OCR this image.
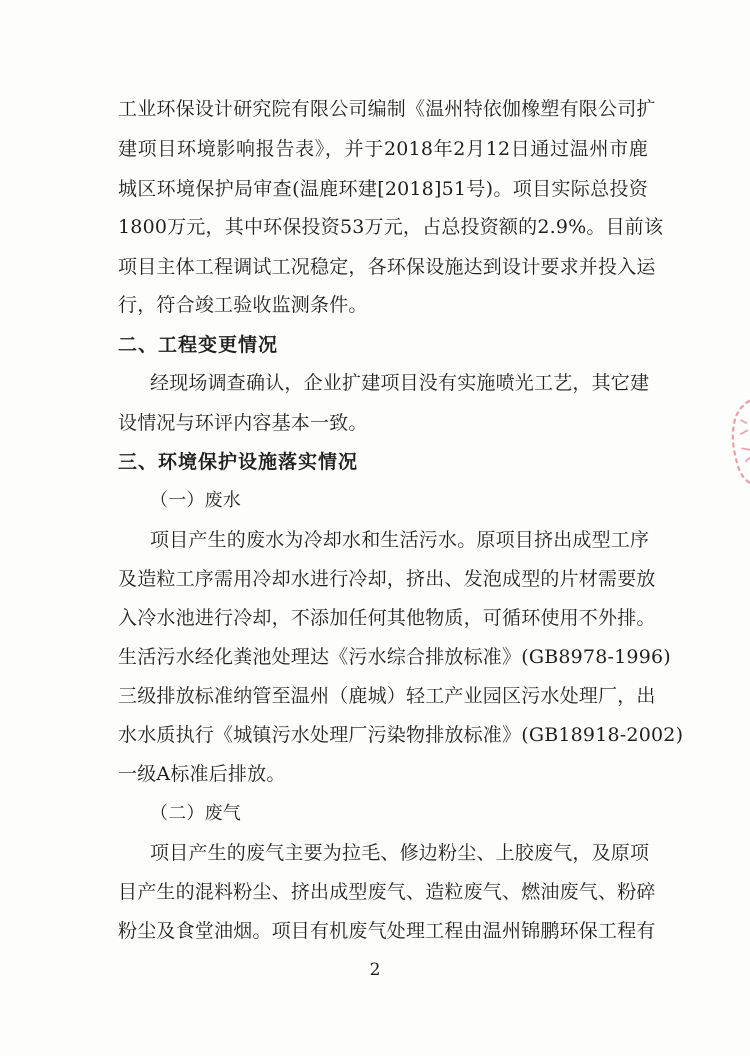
工业环保设计研究院有限公司编制《温州特依伽橡塑有限公司扩
建项目环境影响报告表》，并于2018年2月12日通过温州市鹿
城区环境保护局审查(温鹿环建[2018]51号)。项目实际总投资
1800万元，其中环保投资53万元，占总投资额的2.9%。目前该
项目主体工程调试工况稳定，各环保设施达到设计要求并投入运
行，符合竣工验收监测条件。
二、工程变更情况
经现场调查确认，企业扩建项目没有实施喷光工艺，其它建
设情况与环评内容基本一致。
三、环境保护设施落实情况
（一）废水
项目产生的废水为冷却水和生活污水。原项目挤出成型工序
及造粒工序需用冷却水进行冷却，挤出、发泡成型的片材需要放
入冷水池进行冷却，不添加任何其他物质，可循环使用不外排。
生活污水经化粪池处理达《污水综合排放标准》(GB8978-1996)
三级排放标准纳管至温州（鹿城）轻工产业园区污水处理厂，出
水水质执行《城镇污水处理厂污染物排放标准》(GB18918-2002)
一级A标准后排放。
（二）废气
项目产生的废气主要为拉毛、修边粉尘、上胶废气，及原项
目产生的混料粉尘、挤出成型废气、造粒废气、燃油废气、粉碎
粉尘及食堂油烟。项目有机废气处理工程由温州锦鹏环保工程有
2
